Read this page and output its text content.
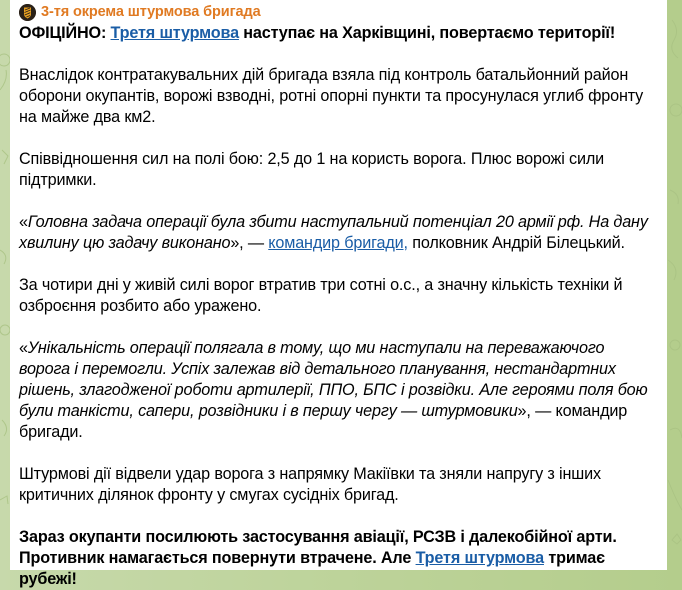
3-тя окрема штурмова бригада

ОФІЦІЙНО: Третя штурмова наступає на Харківщині, повертаємо території!

Внаслідок контратакувальних дій бригада взяла під контроль батальйонний район оборони окупантів, ворожі взводні, ротні опорні пункти та просунулася углиб фронту на майже два км2.

Співвідношення сил на полі бою: 2,5 до 1 на користь ворога. Плюс ворожі сили підтримки.

«Головна задача операції була збити наступальний потенціал 20 армії рф. На дану хвилину цю задачу виконано», — командир бригади, полковник Андрій Білецький.

За чотири дні у живій силі ворог втратив три сотні о.с., а значну кількість техніки й озброєння розбито або уражено.

«Унікальність операції полягала в тому, що ми наступали на переважаючого ворога і перемогли. Успіх залежав від детального планування, нестандартних рішень, злагодженої роботи артилерії, ППО, БПС і розвідки. Але героями поля бою були танкісти, сапери, розвідники і в першу чергу — штурмовики», — командир бригади.

Штурмові дії відвели удар ворога з напрямку Макіївки та зняли напругу з інших критичних ділянок фронту у смугах сусідніх бригад.

Зараз окупанти посилюють застосування авіації, РСЗВ і далекобійної арти. Противник намагається повернути втрачене. Але Третя штурмова тримає рубежі!
